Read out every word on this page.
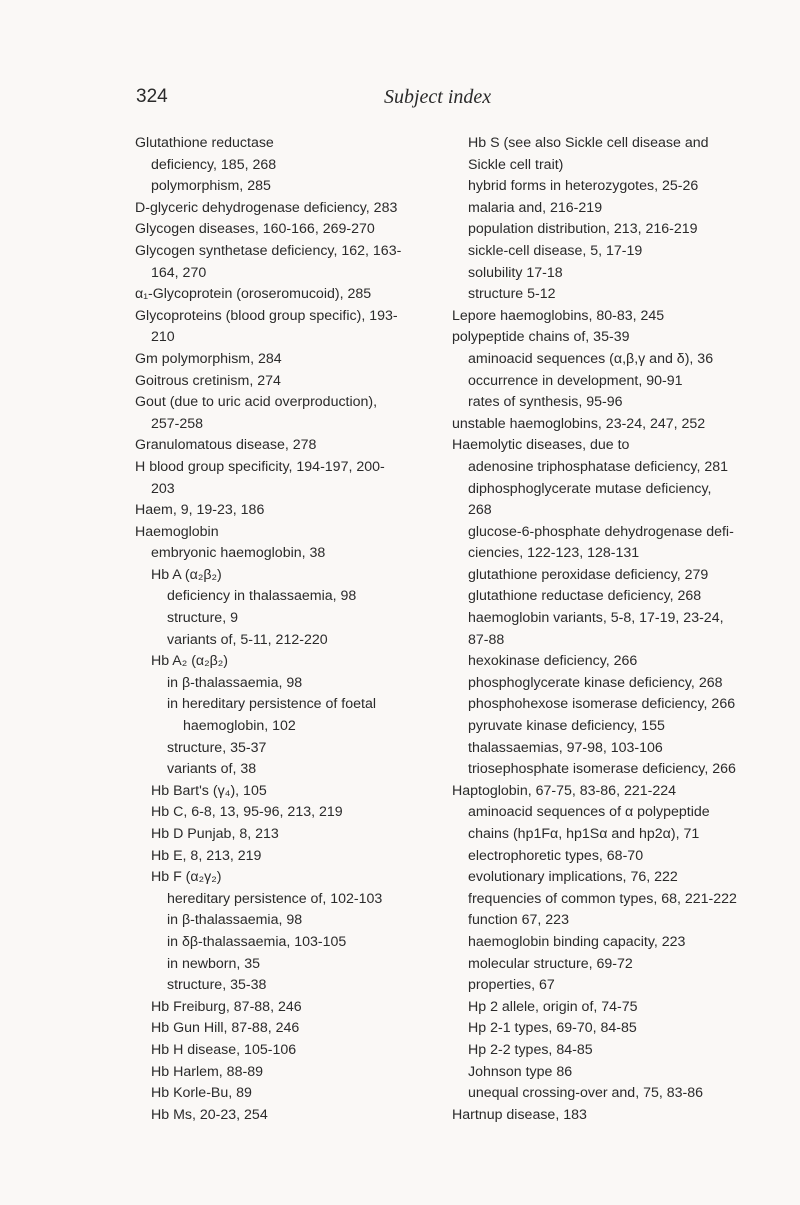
324	Subject index
Glutathione reductase
deficiency, 185, 268
polymorphism, 285
D-glyceric dehydrogenase deficiency, 283
Glycogen diseases, 160-166, 269-270
Glycogen synthetase deficiency, 162, 163-
164, 270
α₁-Glycoprotein (oroseromucoid), 285
Glycoproteins (blood group specific), 193-
210
Gm polymorphism, 284
Goitrous cretinism, 274
Gout (due to uric acid overproduction),
257-258
Granulomatous disease, 278
H blood group specificity, 194-197, 200-
203
Haem, 9, 19-23, 186
Haemoglobin
embryonic haemoglobin, 38
Hb A (α₂β₂)
deficiency in thalassaemia, 98
structure, 9
variants of, 5-11, 212-220
Hb A₂ (α₂β₂)
in β-thalassaemia, 98
in hereditary persistence of foetal
haemoglobin, 102
structure, 35-37
variants of, 38
Hb Bart's (γ₄), 105
Hb C, 6-8, 13, 95-96, 213, 219
Hb D Punjab, 8, 213
Hb E, 8, 213, 219
Hb F (α₂γ₂)
hereditary persistence of, 102-103
in β-thalassaemia, 98
in δβ-thalassaemia, 103-105
in newborn, 35
structure, 35-38
Hb Freiburg, 87-88, 246
Hb Gun Hill, 87-88, 246
Hb H disease, 105-106
Hb Harlem, 88-89
Hb Korle-Bu, 89
Hb Ms, 20-23, 254
Hb S (see also Sickle cell disease and
Sickle cell trait)
hybrid forms in heterozygotes, 25-26
malaria and, 216-219
population distribution, 213, 216-219
sickle-cell disease, 5, 17-19
solubility 17-18
structure 5-12
Lepore haemoglobins, 80-83, 245
polypeptide chains of, 35-39
aminoacid sequences (α,β,γ and δ), 36
occurrence in development, 90-91
rates of synthesis, 95-96
unstable haemoglobins, 23-24, 247, 252
Haemolytic diseases, due to
adenosine triphosphatase deficiency, 281
diphosphoglycerate mutase deficiency,
268
glucose-6-phosphate dehydrogenase defi-
ciencies, 122-123, 128-131
glutathione peroxidase deficiency, 279
glutathione reductase deficiency, 268
haemoglobin variants, 5-8, 17-19, 23-24,
87-88
hexokinase deficiency, 266
phosphoglycerate kinase deficiency, 268
phosphohexose isomerase deficiency, 266
pyruvate kinase deficiency, 155
thalassaemias, 97-98, 103-106
triosephosphate isomerase deficiency, 266
Haptoglobin, 67-75, 83-86, 221-224
aminoacid sequences of α polypeptide
chains (hp1Fα, hp1Sα and hp2α), 71
electrophoretic types, 68-70
evolutionary implications, 76, 222
frequencies of common types, 68, 221-222
function 67, 223
haemoglobin binding capacity, 223
molecular structure, 69-72
properties, 67
Hp 2 allele, origin of, 74-75
Hp 2-1 types, 69-70, 84-85
Hp 2-2 types, 84-85
Johnson type 86
unequal crossing-over and, 75, 83-86
Hartnup disease, 183
